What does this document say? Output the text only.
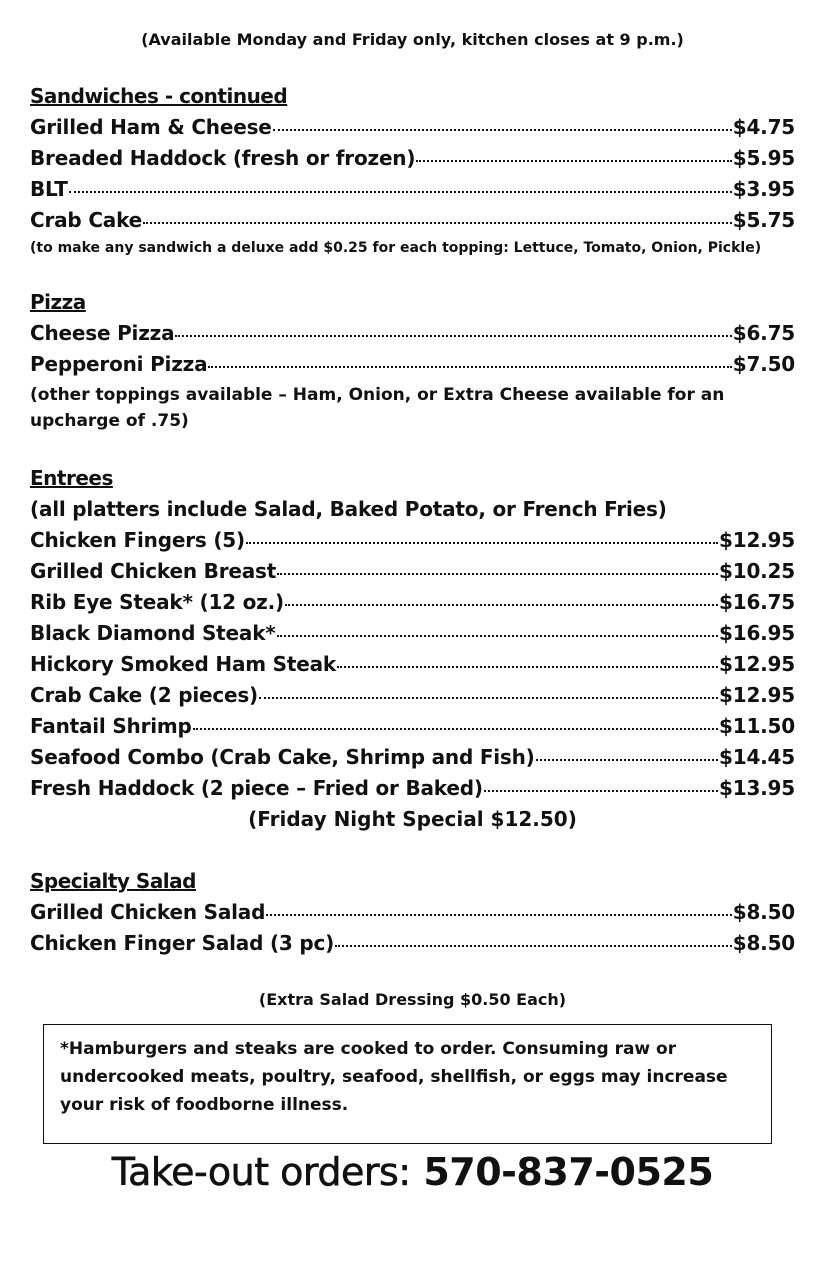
(Available Monday and Friday only, kitchen closes at 9 p.m.)
Sandwiches - continued
Grilled Ham & Cheese	$4.75
Breaded Haddock (fresh or frozen)	$5.95
BLT	$3.95
Crab Cake	$5.75
(to make any sandwich a deluxe add $0.25 for each topping: Lettuce, Tomato, Onion, Pickle)
Pizza
Cheese Pizza	$6.75
Pepperoni Pizza	$7.50
(other toppings available – Ham, Onion, or Extra Cheese available for an upcharge of .75)
Entrees
(all platters include Salad, Baked Potato, or French Fries)
Chicken Fingers (5)	$12.95
Grilled Chicken Breast	$10.25
Rib Eye Steak* (12 oz.)	$16.75
Black Diamond Steak*	$16.95
Hickory Smoked Ham Steak	$12.95
Crab Cake (2 pieces)	$12.95
Fantail Shrimp	$11.50
Seafood Combo (Crab Cake, Shrimp and Fish)	$14.45
Fresh Haddock (2 piece – Fried or Baked)	$13.95
(Friday Night Special $12.50)
Specialty Salad
Grilled Chicken Salad	$8.50
Chicken Finger Salad (3 pc)	$8.50
(Extra Salad Dressing $0.50 Each)
*Hamburgers and steaks are cooked to order. Consuming raw or undercooked meats, poultry, seafood, shellfish, or eggs may increase your risk of foodborne illness.
Take-out orders: 570-837-0525
